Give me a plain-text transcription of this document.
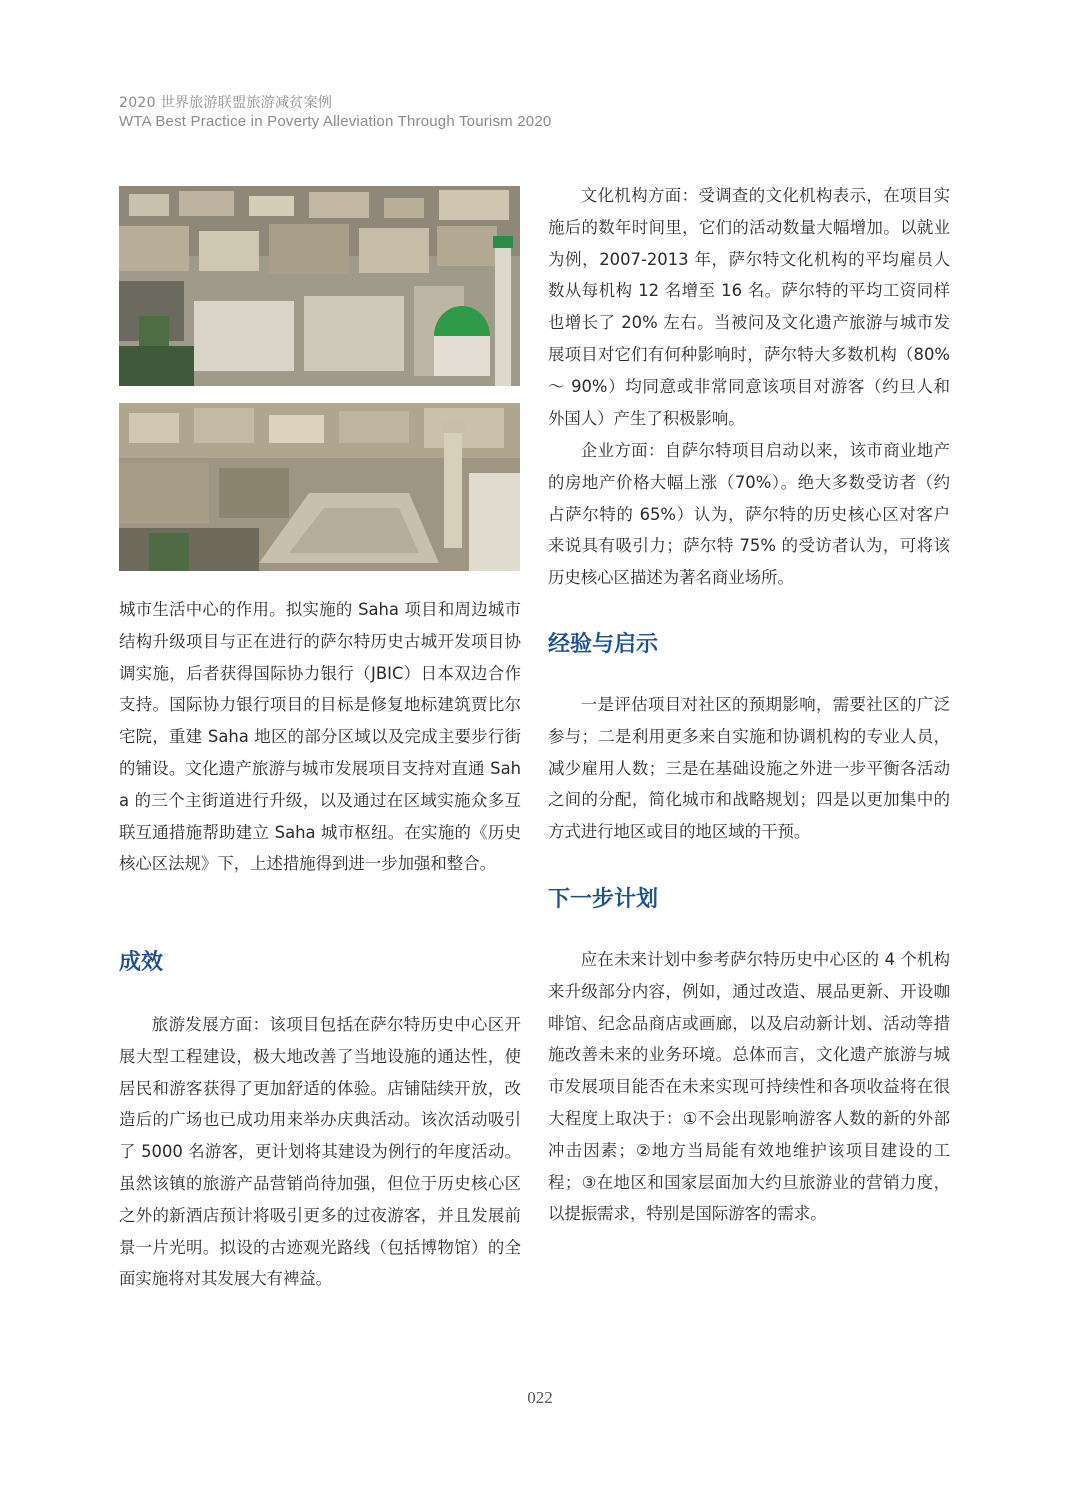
2020 世界旅游联盟旅游减贫案例
WTA Best Practice in Poverty Alleviation Through Tourism 2020

城市生活中心的作用。拟实施的 Saha 项目和周边城市结构升级项目与正在进行的萨尔特历史古城开发项目协调实施，后者获得国际协力银行（JBIC）日本双边合作支持。国际协力银行项目的目标是修复地标建筑贾比尔宅院，重建 Saha 地区的部分区域以及完成主要步行街的铺设。文化遗产旅游与城市发展项目支持对直通 Saha 的三个主街道进行升级，以及通过在区域实施众多互联互通措施帮助建立 Saha 城市枢纽。在实施的《历史核心区法规》下，上述措施得到进一步加强和整合。

成效

旅游发展方面：该项目包括在萨尔特历史中心区开展大型工程建设，极大地改善了当地设施的通达性，使居民和游客获得了更加舒适的体验。店铺陆续开放，改造后的广场也已成功用来举办庆典活动。该次活动吸引了 5000 名游客，更计划将其建设为例行的年度活动。虽然该镇的旅游产品营销尚待加强，但位于历史核心区之外的新酒店预计将吸引更多的过夜游客，并且发展前景一片光明。拟设的古迹观光路线（包括博物馆）的全面实施将对其发展大有裨益。

文化机构方面：受调查的文化机构表示，在项目实施后的数年时间里，它们的活动数量大幅增加。以就业为例，2007-2013 年，萨尔特文化机构的平均雇员人数从每机构 12 名增至 16 名。萨尔特的平均工资同样也增长了 20% 左右。当被问及文化遗产旅游与城市发展项目对它们有何种影响时，萨尔特大多数机构（80%～ 90%）均同意或非常同意该项目对游客（约旦人和外国人）产生了积极影响。

企业方面：自萨尔特项目启动以来，该市商业地产的房地产价格大幅上涨（70%）。绝大多数受访者（约占萨尔特的 65%）认为，萨尔特的历史核心区对客户来说具有吸引力；萨尔特 75% 的受访者认为，可将该历史核心区描述为著名商业场所。

经验与启示

一是评估项目对社区的预期影响，需要社区的广泛参与；二是利用更多来自实施和协调机构的专业人员，减少雇用人数；三是在基础设施之外进一步平衡各活动之间的分配，简化城市和战略规划；四是以更加集中的方式进行地区或目的地区域的干预。

下一步计划

应在未来计划中参考萨尔特历史中心区的 4 个机构来升级部分内容，例如，通过改造、展品更新、开设咖啡馆、纪念品商店或画廊，以及启动新计划、活动等措施改善未来的业务环境。总体而言，文化遗产旅游与城市发展项目能否在未来实现可持续性和各项收益将在很大程度上取决于：①不会出现影响游客人数的新的外部冲击因素；②地方当局能有效地维护该项目建设的工程；③在地区和国家层面加大约旦旅游业的营销力度，以提振需求，特别是国际游客的需求。

022
